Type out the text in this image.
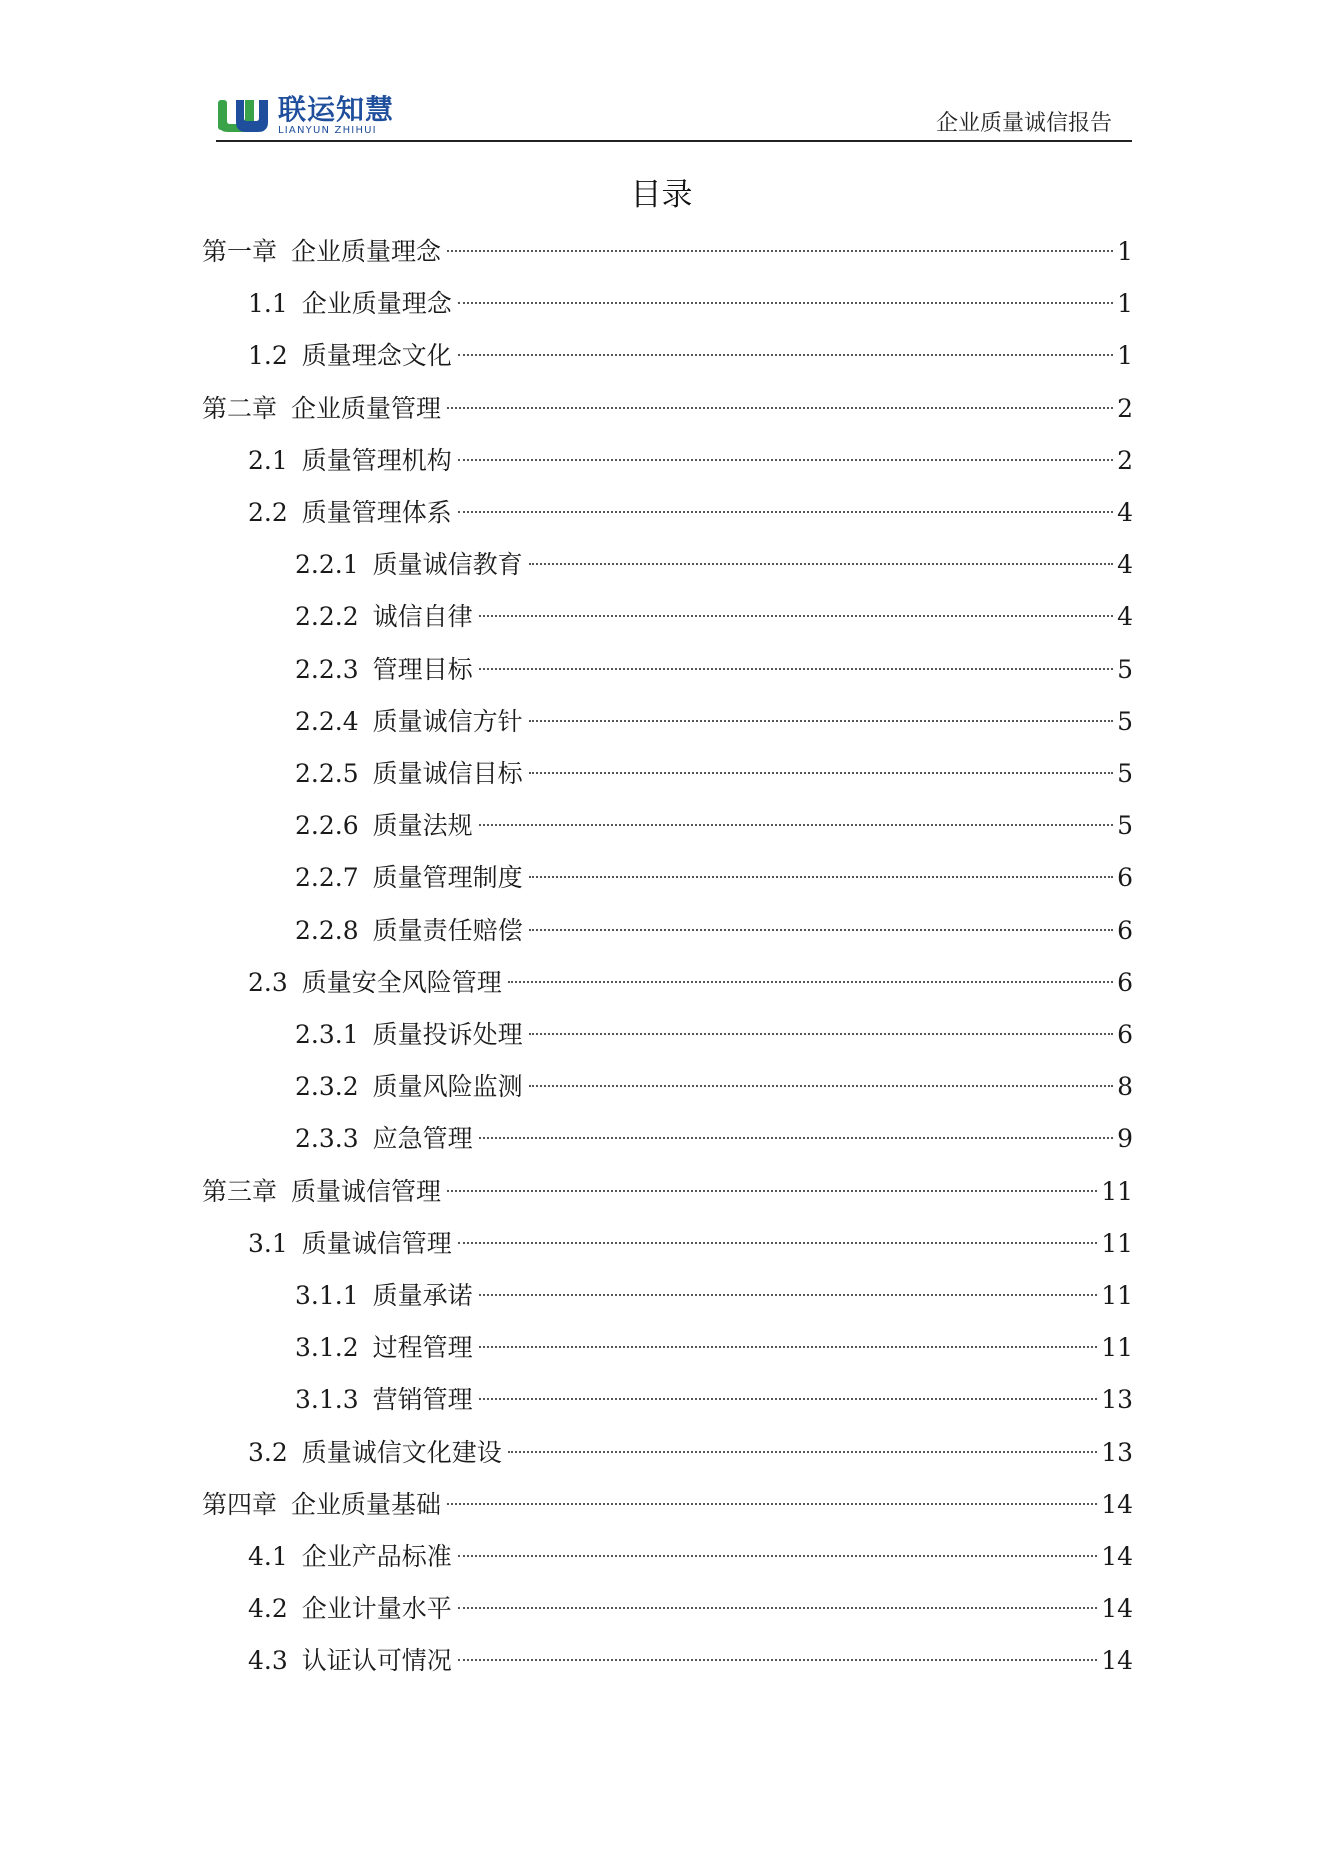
联运知慧
LIANYUN ZHIHUI	企业质量诚信报告
目录
第一章 企业质量理念	1
1.1 企业质量理念	1
1.2 质量理念文化	1
第二章 企业质量管理	2
2.1 质量管理机构	2
2.2 质量管理体系	4
2.2.1 质量诚信教育	4
2.2.2 诚信自律	4
2.2.3 管理目标	5
2.2.4 质量诚信方针	5
2.2.5 质量诚信目标	5
2.2.6 质量法规	5
2.2.7 质量管理制度	6
2.2.8 质量责任赔偿	6
2.3 质量安全风险管理	6
2.3.1 质量投诉处理	6
2.3.2 质量风险监测	8
2.3.3 应急管理	9
第三章 质量诚信管理	11
3.1 质量诚信管理	11
3.1.1 质量承诺	11
3.1.2 过程管理	11
3.1.3 营销管理	13
3.2 质量诚信文化建设	13
第四章 企业质量基础	14
4.1 企业产品标准	14
4.2 企业计量水平	14
4.3 认证认可情况	14
